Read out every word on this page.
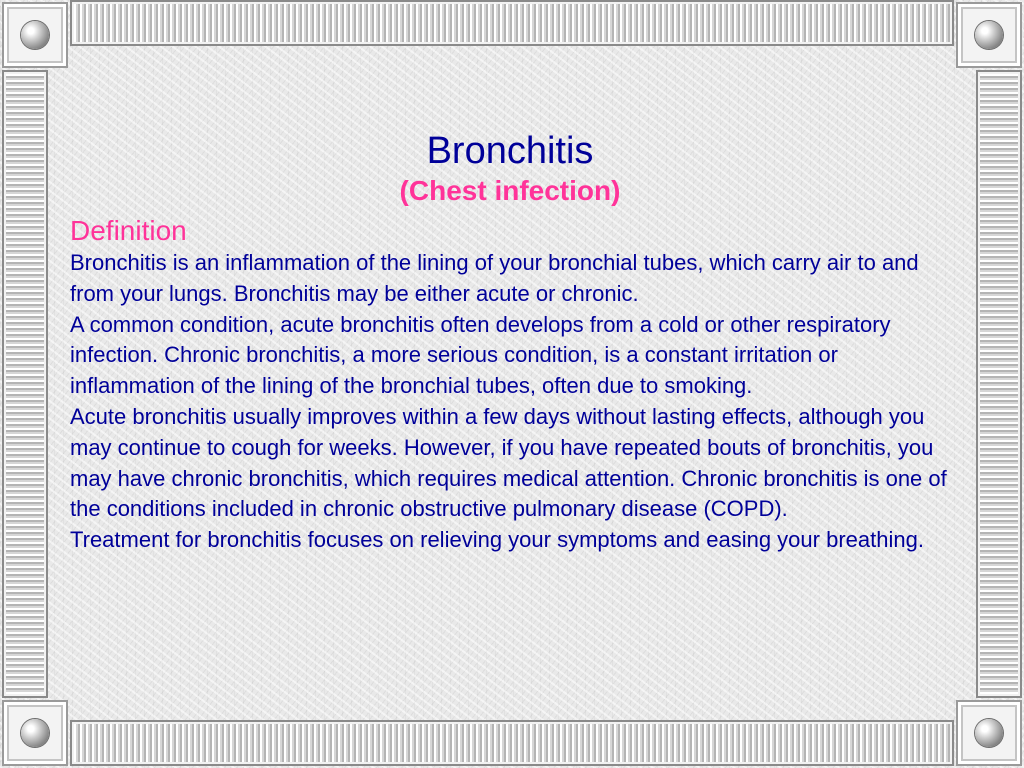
Bronchitis
(Chest infection)
Definition

Bronchitis is an inflammation of the lining of your bronchial tubes, which carry air to and from your lungs. Bronchitis may be either acute or chronic.

A common condition, acute bronchitis often develops from a cold or other respiratory infection. Chronic bronchitis, a more serious condition, is a constant irritation or inflammation of the lining of the bronchial tubes, often due to smoking.

Acute bronchitis usually improves within a few days without lasting effects, although you may continue to cough for weeks. However, if you have repeated bouts of bronchitis, you may have chronic bronchitis, which requires medical attention. Chronic bronchitis is one of the conditions included in chronic obstructive pulmonary disease (COPD).

Treatment for bronchitis focuses on relieving your symptoms and easing your breathing.
